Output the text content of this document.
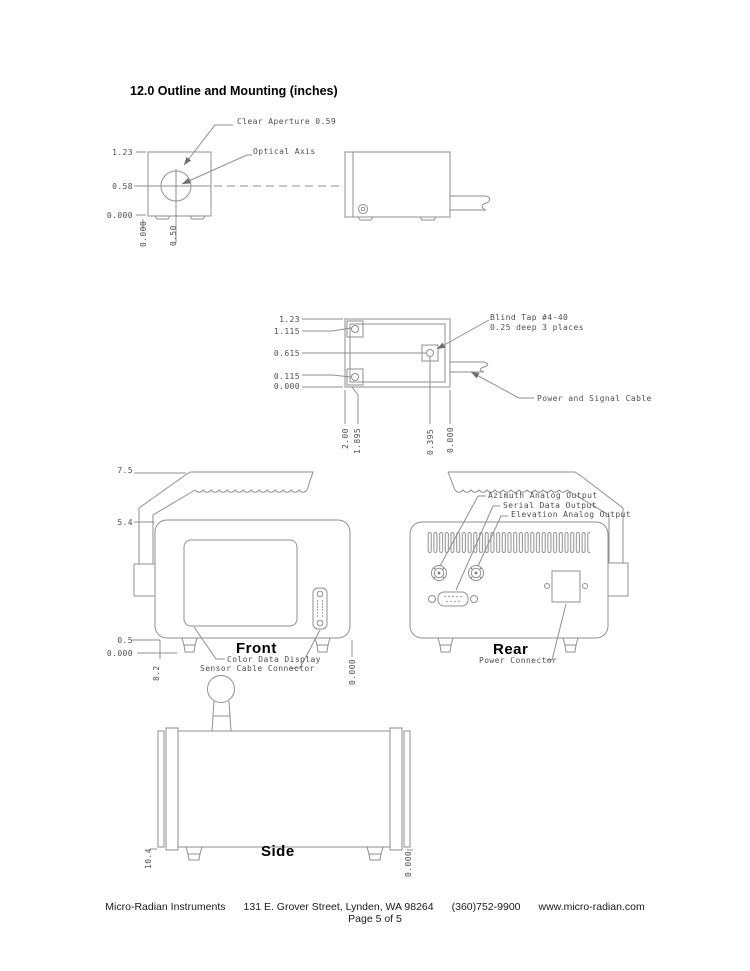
12.0 Outline and Mounting (inches)
Clear Aperture 0.59
Optical Axis
1.23
0.58
0.000
0.000	0.50
1.23
1.115
0.615
0.115
0.000
2.00 1.895	0.395 0.000
Blind Tap #4-40
0.25 deep 3 places
Power and Signal Cable
7.5
5.4
0.5
0.000
8.2	0.000
Front
Color Data Display
Sensor Cable Connector
Azimuth Analog Output
Serial Data Output
Elevation Analog Output
Rear
Power Connector
Side
10.4	0.000
Micro-Radian Instruments 131 E. Grover Street, Lynden, WA 98264 (360)752-9900 www.micro-radian.com
Page 5 of 5
